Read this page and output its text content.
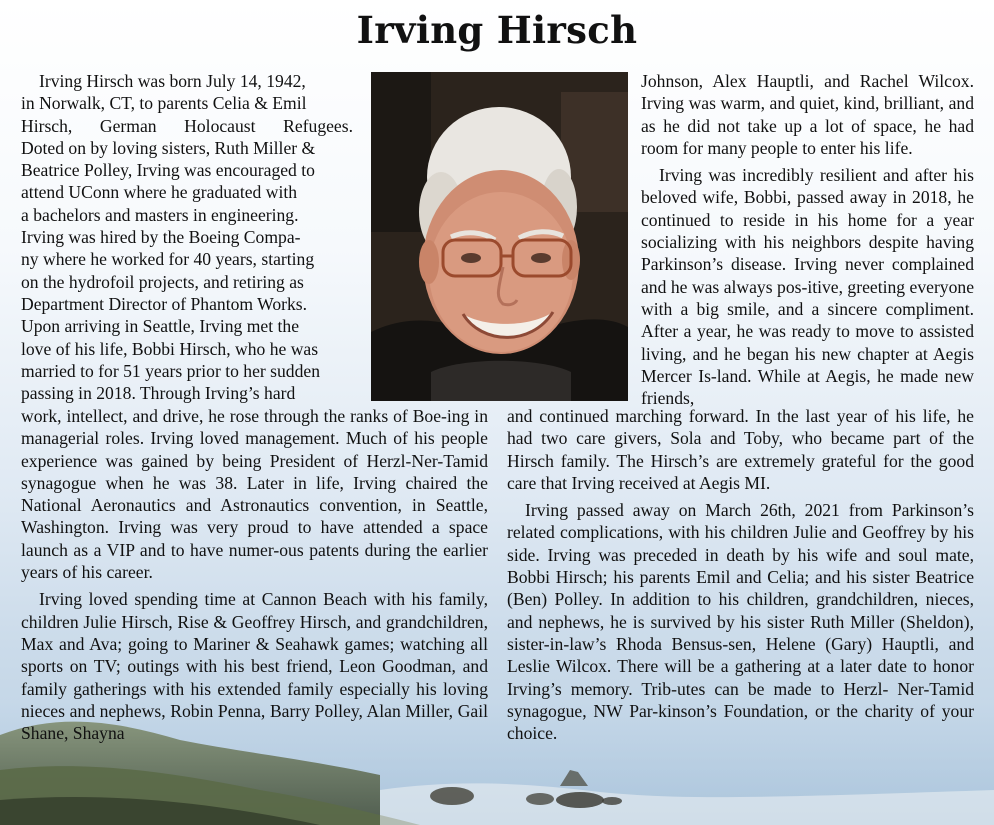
Irving Hirsch

Irving Hirsch was born July 14, 1942,

in Norwalk, CT, to parents Celia & Emil

Hirsch, German Holocaust Refugees.

Doted on by loving sisters, Ruth Miller &

Beatrice Polley, Irving was encouraged to

attend UConn where he graduated with

a bachelors and masters in engineering.

Irving was hired by the Boeing Compa-

ny where he worked for 40 years, starting

on the hydrofoil projects, and retiring as

Department Director of Phantom Works.

Upon arriving in Seattle, Irving met the

love of his life, Bobbi Hirsch, who he was

married to for 51 years prior to her sudden

passing in 2018. Through Irving’s hard

work, intellect, and drive, he rose through the ranks of Boe-ing in managerial roles. Irving loved management. Much of his people experience was gained by being President of Herzl-Ner-Tamid synagogue when he was 38. Later in life, Irving chaired the National Aeronautics and Astronautics convention, in Seattle, Washington. Irving was very proud to have attended a space launch as a VIP and to have numer-ous patents during the earlier years of his career.

Irving loved spending time at Cannon Beach with his family, children Julie Hirsch, Rise & Geoffrey Hirsch, and grandchildren, Max and Ava; going to Mariner & Seahawk games; watching all sports on TV; outings with his best friend, Leon Goodman, and family gatherings with his extended family especially his loving nieces and nephews, Robin Penna, Barry Polley, Alan Miller, Gail Shane, Shayna

Johnson, Alex Hauptli, and Rachel Wilcox. Irving was warm, and quiet, kind, brilliant, and as he did not take up a lot of space, he had room for many people to enter his life.

Irving was incredibly resilient and after his beloved wife, Bobbi, passed away in 2018, he continued to reside in his home for a year socializing with his neighbors despite having Parkinson’s disease. Irving never complained and he was always pos-itive, greeting everyone with a big smile, and a sincere compliment. After a year, he was ready to move to assisted living, and he began his new chapter at Aegis Mercer Is-land. While at Aegis, he made new friends,

and continued marching forward. In the last year of his life, he had two care givers, Sola and Toby, who became part of the Hirsch family. The Hirsch’s are extremely grateful for the good care that Irving received at Aegis MI.

Irving passed away on March 26th, 2021 from Parkinson’s related complications, with his children Julie and Geoffrey by his side. Irving was preceded in death by his wife and soul mate, Bobbi Hirsch; his parents Emil and Celia; and his sister Beatrice (Ben) Polley. In addition to his children, grandchildren, nieces, and nephews, he is survived by his sister Ruth Miller (Sheldon), sister-in-law’s Rhoda Bensus-sen, Helene (Gary) Hauptli, and Leslie Wilcox. There will be a gathering at a later date to honor Irving’s memory. Trib-utes can be made to Herzl- Ner-Tamid synagogue, NW Par-kinson’s Foundation, or the charity of your choice.
